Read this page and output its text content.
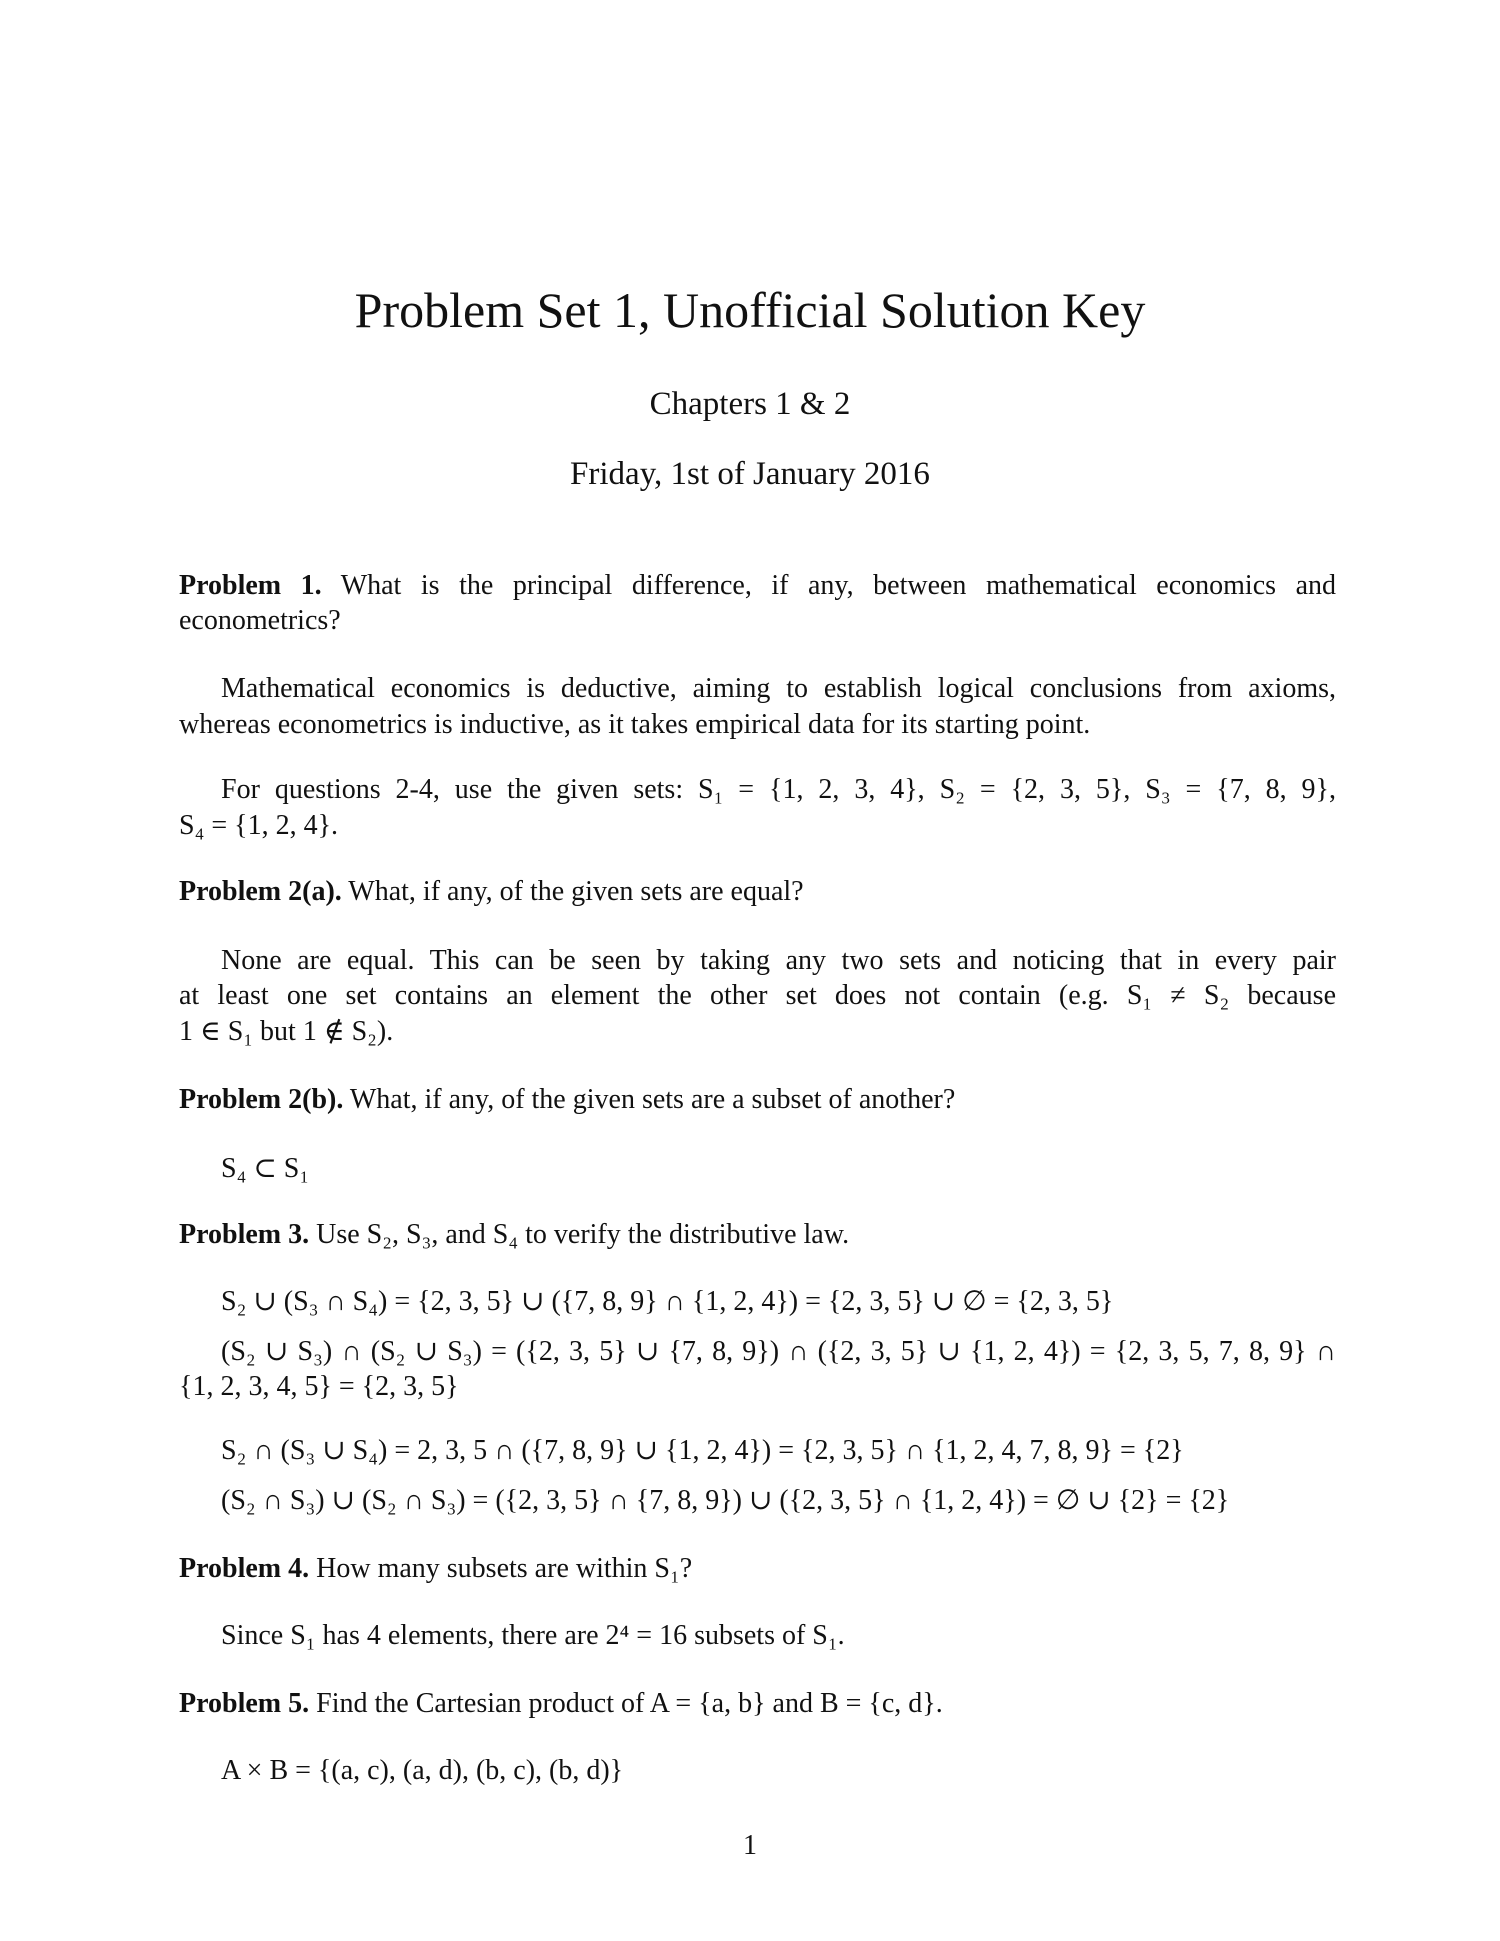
Problem Set 1, Unofficial Solution Key
Chapters 1 & 2
Friday, 1st of January 2016
Problem 1. What is the principal difference, if any, between mathematical economics and
econometrics?
Mathematical economics is deductive, aiming to establish logical conclusions from axioms,
whereas econometrics is inductive, as it takes empirical data for its starting point.
For questions 2-4, use the given sets: S₁ = {1, 2, 3, 4}, S₂ = {2, 3, 5}, S₃ = {7, 8, 9},
S₄ = {1, 2, 4}.
Problem 2(a). What, if any, of the given sets are equal?
None are equal. This can be seen by taking any two sets and noticing that in every pair
at least one set contains an element the other set does not contain (e.g. S₁ ≠ S₂ because
1 ∈ S₁ but 1 ∉ S₂).
Problem 2(b). What, if any, of the given sets are a subset of another?
S₄ ⊂ S₁
Problem 3. Use S₂, S₃, and S₄ to verify the distributive law.
S₂ ∪ (S₃ ∩ S₄) = {2, 3, 5} ∪ ({7, 8, 9} ∩ {1, 2, 4}) = {2, 3, 5} ∪ ∅ = {2, 3, 5}
(S₂ ∪ S₃) ∩ (S₂ ∪ S₃) = ({2, 3, 5} ∪ {7, 8, 9}) ∩ ({2, 3, 5} ∪ {1, 2, 4}) = {2, 3, 5, 7, 8, 9} ∩
{1, 2, 3, 4, 5} = {2, 3, 5}
S₂ ∩ (S₃ ∪ S₄) = 2, 3, 5 ∩ ({7, 8, 9} ∪ {1, 2, 4}) = {2, 3, 5} ∩ {1, 2, 4, 7, 8, 9} = {2}
(S₂ ∩ S₃) ∪ (S₂ ∩ S₃) = ({2, 3, 5} ∩ {7, 8, 9}) ∪ ({2, 3, 5} ∩ {1, 2, 4}) = ∅ ∪ {2} = {2}
Problem 4. How many subsets are within S₁?
Since S₁ has 4 elements, there are 2⁴ = 16 subsets of S₁.
Problem 5. Find the Cartesian product of A = {a, b} and B = {c, d}.
A × B = {(a, c), (a, d), (b, c), (b, d)}
1
